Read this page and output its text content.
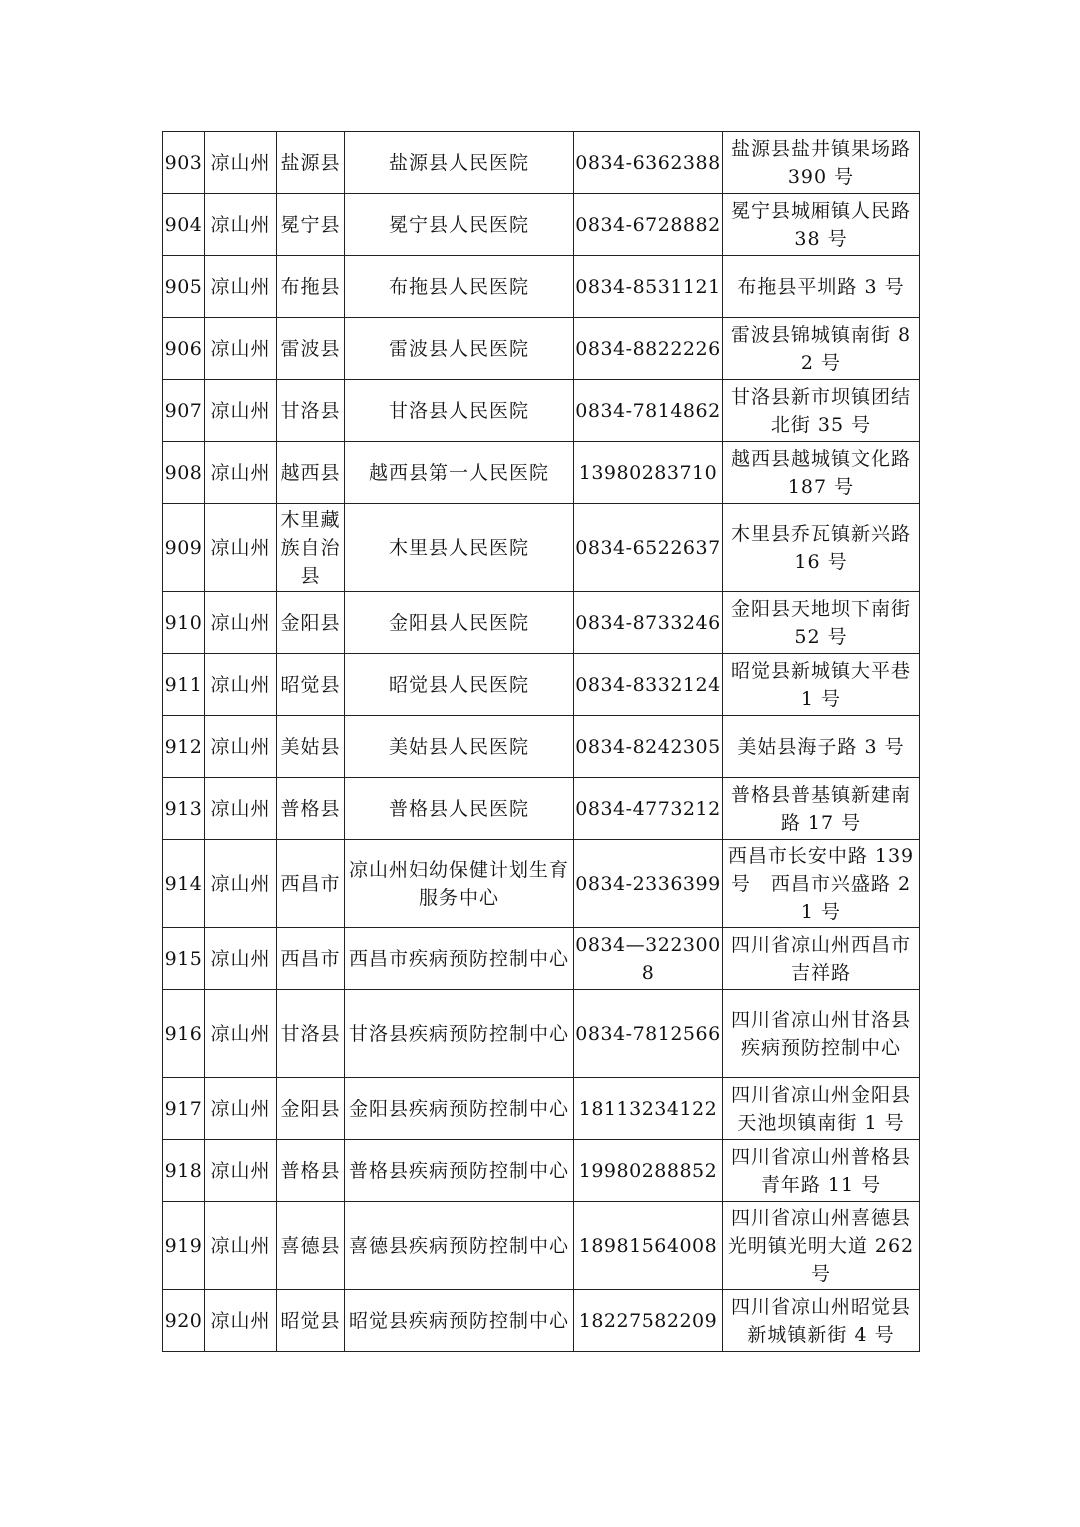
903	凉山州	盐源县	盐源县人民医院	0834-6362388	盐源县盐井镇果场路 390 号
904	凉山州	冕宁县	冕宁县人民医院	0834-6728882	冕宁县城厢镇人民路 38 号
905	凉山州	布拖县	布拖县人民医院	0834-8531121	布拖县平圳路 3 号
906	凉山州	雷波县	雷波县人民医院	0834-8822226	雷波县锦城镇南街 82 号
907	凉山州	甘洛县	甘洛县人民医院	0834-7814862	甘洛县新市坝镇团结北街 35 号
908	凉山州	越西县	越西县第一人民医院	13980283710	越西县越城镇文化路 187 号
909	凉山州	木里藏族自治县	木里县人民医院	0834-6522637	木里县乔瓦镇新兴路 16 号
910	凉山州	金阳县	金阳县人民医院	0834-8733246	金阳县天地坝下南街 52 号
911	凉山州	昭觉县	昭觉县人民医院	0834-8332124	昭觉县新城镇大平巷 1 号
912	凉山州	美姑县	美姑县人民医院	0834-8242305	美姑县海子路 3 号
913	凉山州	普格县	普格县人民医院	0834-4773212	普格县普基镇新建南路 17 号
914	凉山州	西昌市	凉山州妇幼保健计划生育服务中心	0834-2336399	西昌市长安中路 139 号　西昌市兴盛路 21 号
915	凉山州	西昌市	西昌市疾病预防控制中心	0834—3223008	四川省凉山州西昌市吉祥路
916	凉山州	甘洛县	甘洛县疾病预防控制中心	0834-7812566	四川省凉山州甘洛县疾病预防控制中心
917	凉山州	金阳县	金阳县疾病预防控制中心	18113234122	四川省凉山州金阳县天池坝镇南街 1 号
918	凉山州	普格县	普格县疾病预防控制中心	19980288852	四川省凉山州普格县青年路 11 号
919	凉山州	喜德县	喜德县疾病预防控制中心	18981564008	四川省凉山州喜德县光明镇光明大道 262 号
920	凉山州	昭觉县	昭觉县疾病预防控制中心	18227582209	四川省凉山州昭觉县新城镇新街 4 号
